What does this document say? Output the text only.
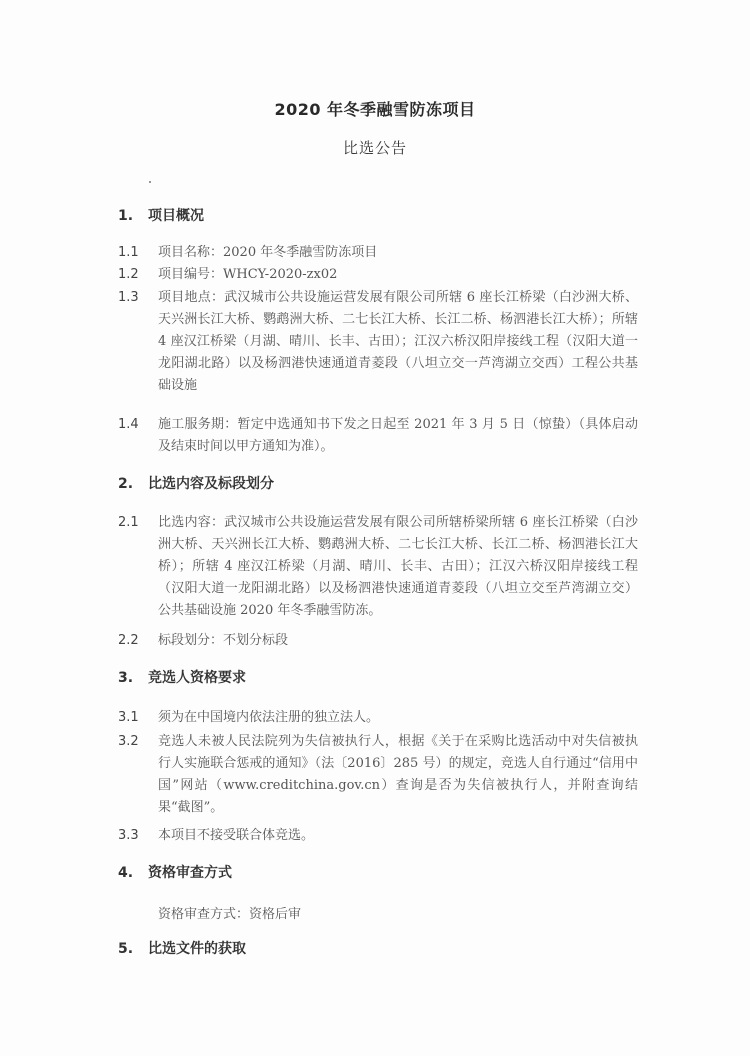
2020 年冬季融雪防冻项目
比选公告
1. 项目概况
1.1 项目名称：2020 年冬季融雪防冻项目
1.2 项目编号：WHCY-2020-zx02
1.3 项目地点：武汉城市公共设施运营发展有限公司所辖 6 座长江桥梁（白沙洲大桥、天兴洲长江大桥、鹦鹉洲大桥、二七长江大桥、长江二桥、杨泗港长江大桥）；所辖 4 座汉江桥梁（月湖、晴川、长丰、古田）；江汉六桥汉阳岸接线工程（汉阳大道一龙阳湖北路）以及杨泗港快速通道青菱段（八坦立交一芦湾湖立交西）工程公共基础设施
1.4 施工服务期：暂定中选通知书下发之日起至 2021 年 3 月 5 日（惊蛰）（具体启动及结束时间以甲方通知为准）。
2. 比选内容及标段划分
2.1 比选内容：武汉城市公共设施运营发展有限公司所辖桥梁所辖 6 座长江桥梁（白沙洲大桥、天兴洲长江大桥、鹦鹉洲大桥、二七长江大桥、长江二桥、杨泗港长江大桥）；所辖 4 座汉江桥梁（月湖、晴川、长丰、古田）；江汉六桥汉阳岸接线工程（汉阳大道一龙阳湖北路）以及杨泗港快速通道青菱段（八坦立交至芦湾湖立交）公共基础设施 2020 年冬季融雪防冻。
2.2 标段划分：不划分标段
3. 竞选人资格要求
3.1 须为在中国境内依法注册的独立法人。
3.2 竞选人未被人民法院列为失信被执行人，根据《关于在采购比选活动中对失信被执行人实施联合惩戒的通知》（法〔2016〕285 号）的规定，竞选人自行通过“信用中国”网站（www.creditchina.gov.cn）查询是否为失信被执行人，并附查询结果“截图”。
3.3 本项目不接受联合体竞选。
4. 资格审查方式
资格审查方式：资格后审
5. 比选文件的获取
